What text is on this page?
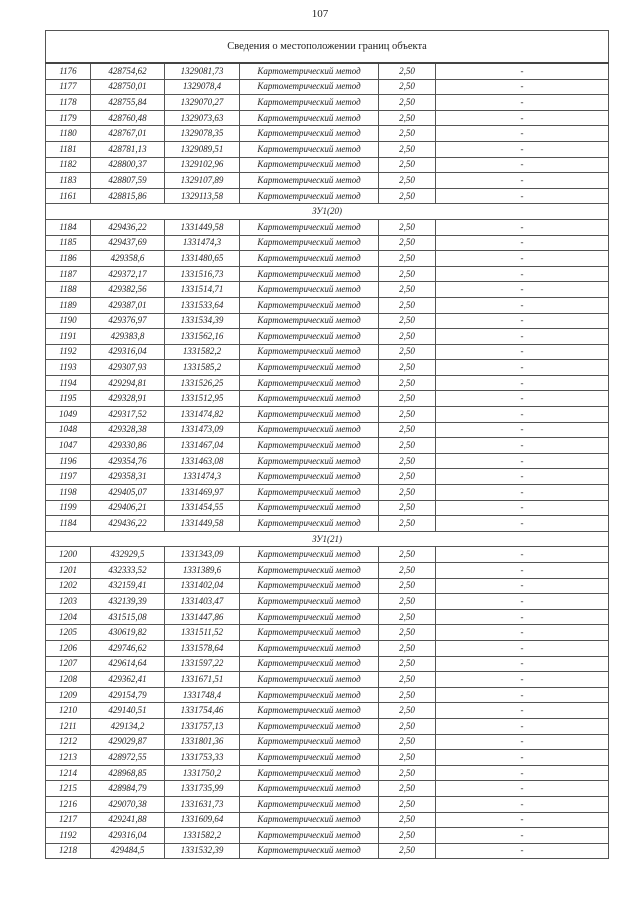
107
Сведения о местоположении границ объекта					
1176	428754,62	1329081,73	Картометрический метод	2,50	-
1177	428750,01	1329078,4	Картометрический метод	2,50	-
1178	428755,84	1329070,27	Картометрический метод	2,50	-
1179	428760,48	1329073,63	Картометрический метод	2,50	-
1180	428767,01	1329078,35	Картометрический метод	2,50	-
1181	428781,13	1329089,51	Картометрический метод	2,50	-
1182	428800,37	1329102,96	Картометрический метод	2,50	-
1183	428807,59	1329107,89	Картометрический метод	2,50	-
1161	428815,86	1329113,58	Картометрический метод	2,50	-
ЗУ1(20)					
1184	429436,22	1331449,58	Картометрический метод	2,50	-
1185	429437,69	1331474,3	Картометрический метод	2,50	-
1186	429358,6	1331480,65	Картометрический метод	2,50	-
1187	429372,17	1331516,73	Картометрический метод	2,50	-
1188	429382,56	1331514,71	Картометрический метод	2,50	-
1189	429387,01	1331533,64	Картометрический метод	2,50	-
1190	429376,97	1331534,39	Картометрический метод	2,50	-
1191	429383,8	1331562,16	Картометрический метод	2,50	-
1192	429316,04	1331582,2	Картометрический метод	2,50	-
1193	429307,93	1331585,2	Картометрический метод	2,50	-
1194	429294,81	1331526,25	Картометрический метод	2,50	-
1195	429328,91	1331512,95	Картометрический метод	2,50	-
1049	429317,52	1331474,82	Картометрический метод	2,50	-
1048	429328,38	1331473,09	Картометрический метод	2,50	-
1047	429330,86	1331467,04	Картометрический метод	2,50	-
1196	429354,76	1331463,08	Картометрический метод	2,50	-
1197	429358,31	1331474,3	Картометрический метод	2,50	-
1198	429405,07	1331469,97	Картометрический метод	2,50	-
1199	429406,21	1331454,55	Картометрический метод	2,50	-
1184	429436,22	1331449,58	Картометрический метод	2,50	-
ЗУ1(21)					
1200	432929,5	1331343,09	Картометрический метод	2,50	-
1201	432333,52	1331389,6	Картометрический метод	2,50	-
1202	432159,41	1331402,04	Картометрический метод	2,50	-
1203	432139,39	1331403,47	Картометрический метод	2,50	-
1204	431515,08	1331447,86	Картометрический метод	2,50	-
1205	430619,82	1331511,52	Картометрический метод	2,50	-
1206	429746,62	1331578,64	Картометрический метод	2,50	-
1207	429614,64	1331597,22	Картометрический метод	2,50	-
1208	429362,41	1331671,51	Картометрический метод	2,50	-
1209	429154,79	1331748,4	Картометрический метод	2,50	-
1210	429140,51	1331754,46	Картометрический метод	2,50	-
1211	429134,2	1331757,13	Картометрический метод	2,50	-
1212	429029,87	1331801,36	Картометрический метод	2,50	-
1213	428972,55	1331753,33	Картометрический метод	2,50	-
1214	428968,85	1331750,2	Картометрический метод	2,50	-
1215	428984,79	1331735,99	Картометрический метод	2,50	-
1216	429070,38	1331631,73	Картометрический метод	2,50	-
1217	429241,88	1331609,64	Картометрический метод	2,50	-
1192	429316,04	1331582,2	Картометрический метод	2,50	-
1218	429484,5	1331532,39	Картометрический метод	2,50	-
